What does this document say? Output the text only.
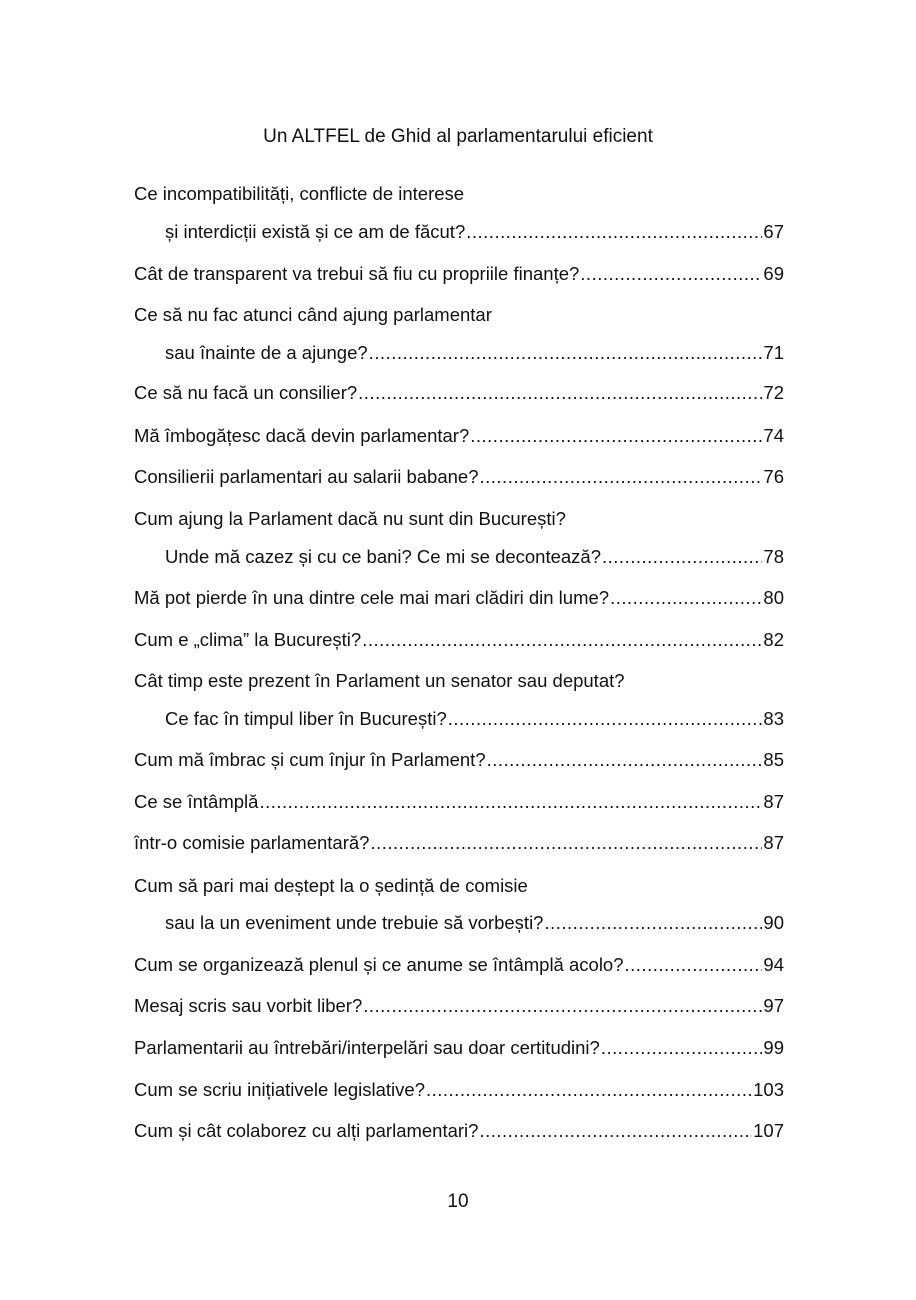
Un ALTFEL de Ghid al parlamentarului eficient
Ce incompatibilități, conflicte de interese
și interdicții există și ce am de făcut? .....	67
Cât de transparent va trebui să fiu cu propriile finanțe? .....	69
Ce să nu fac atunci când ajung parlamentar
sau înainte de a ajunge? .....	71
Ce să nu facă un consilier? .....	72
Mă îmbogățesc dacă devin parlamentar? .....	74
Consilierii parlamentari au salarii babane? .....	76
Cum ajung la Parlament dacă nu sunt din București?
Unde mă cazez și cu ce bani? Ce mi se decontează? .....	78
Mă pot pierde în una dintre cele mai mari clădiri din lume? .....	80
Cum e „clima” la București? .....	82
Cât timp este prezent în Parlament un senator sau deputat?
Ce fac în timpul liber în București? .....	83
Cum mă îmbrac și cum înjur în Parlament? .....	85
Ce se întâmplă .....	87
într-o comisie parlamentară? .....	87
Cum să pari mai deștept la o ședință de comisie
sau la un eveniment unde trebuie să vorbești? .....	90
Cum se organizează plenul și ce anume se întâmplă acolo? .....	94
Mesaj scris sau vorbit liber? .....	97
Parlamentarii au întrebări/interpelări sau doar certitudini? .....	99
Cum se scriu inițiativele legislative? .....	103
Cum și cât colaborez cu alți parlamentari? .....	107
10
